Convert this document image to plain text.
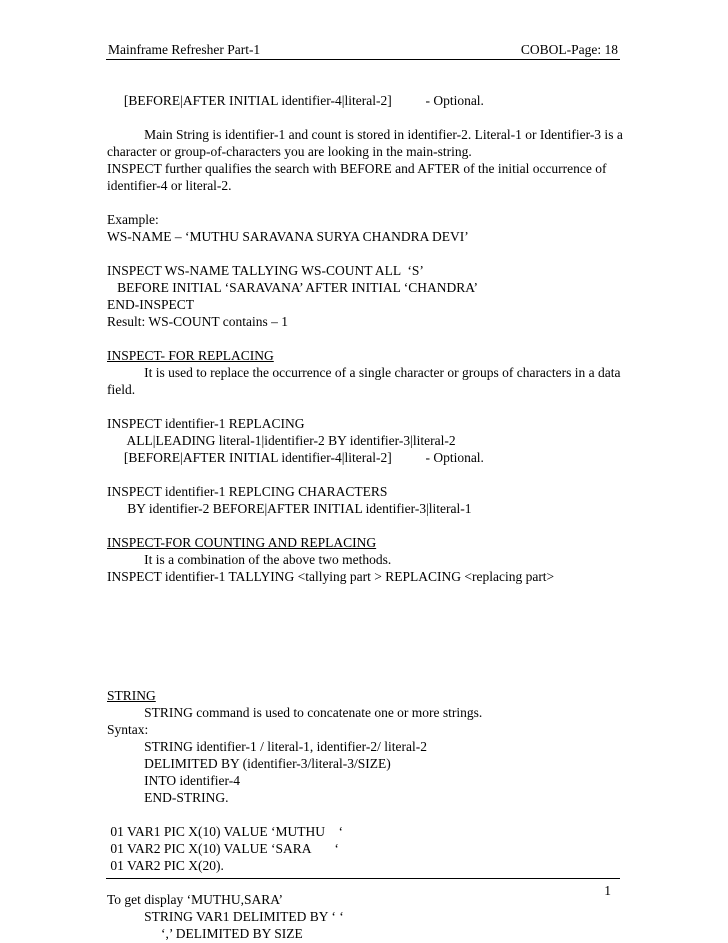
Mainframe Refresher Part-1	COBOL-Page: 18
[BEFORE|AFTER INITIAL identifier-4|literal-2]          - Optional.
Main String is identifier-1 and count is stored in identifier-2. Literal-1 or Identifier-3 is a
character or group-of-characters you are looking in the main-string.
INSPECT further qualifies the search with BEFORE and AFTER of the initial occurrence of
identifier-4 or literal-2.
Example:
WS-NAME – ‘MUTHU SARAVANA SURYA CHANDRA DEVI’
INSPECT WS-NAME TALLYING WS-COUNT ALL  ‘S’
BEFORE INITIAL ‘SARAVANA’ AFTER INITIAL ‘CHANDRA’
END-INSPECT
Result: WS-COUNT contains – 1
INSPECT- FOR REPLACING
It is used to replace the occurrence of a single character or groups of characters in a data
field.
INSPECT identifier-1 REPLACING
ALL|LEADING literal-1|identifier-2 BY identifier-3|literal-2
[BEFORE|AFTER INITIAL identifier-4|literal-2]          - Optional.
INSPECT identifier-1 REPLCING CHARACTERS
BY identifier-2 BEFORE|AFTER INITIAL identifier-3|literal-1
INSPECT-FOR COUNTING AND REPLACING
It is a combination of the above two methods.
INSPECT identifier-1 TALLYING <tallying part > REPLACING <replacing part>
STRING
STRING command is used to concatenate one or more strings.
Syntax:
STRING identifier-1 / literal-1, identifier-2/ literal-2
DELIMITED BY (identifier-3/literal-3/SIZE)
INTO identifier-4
END-STRING.
01 VAR1 PIC X(10) VALUE ‘MUTHU    ‘
01 VAR2 PIC X(10) VALUE ‘SARA       ‘
01 VAR2 PIC X(20).
To get display ‘MUTHU,SARA’
STRING VAR1 DELIMITED BY ‘ ‘
‘,’ DELIMITED BY SIZE
1
